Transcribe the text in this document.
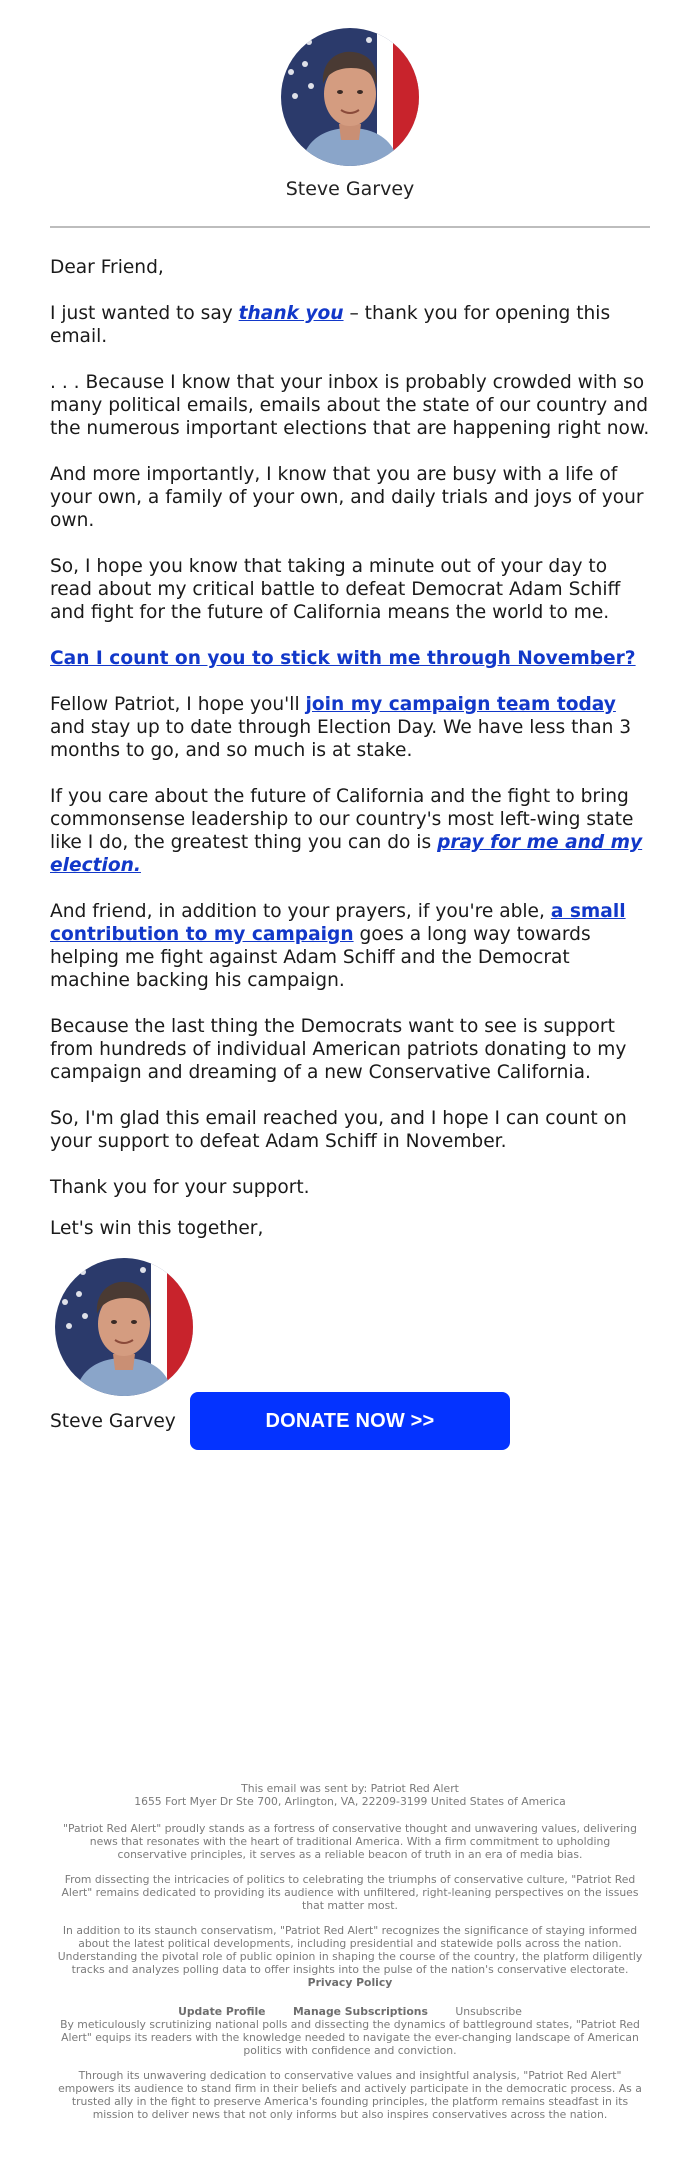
Steve Garvey

Dear Friend,

I just wanted to say thank you – thank you for opening this email.

. . . Because I know that your inbox is probably crowded with so many political emails, emails about the state of our country and the numerous important elections that are happening right now.

And more importantly, I know that you are busy with a life of your own, a family of your own, and daily trials and joys of your own.

So, I hope you know that taking a minute out of your day to read about my critical battle to defeat Democrat Adam Schiff and fight for the future of California means the world to me.

Can I count on you to stick with me through November?

Fellow Patriot, I hope you'll join my campaign team today and stay up to date through Election Day. We have less than 3 months to go, and so much is at stake.

If you care about the future of California and the fight to bring commonsense leadership to our country's most left-wing state like I do, the greatest thing you can do is pray for me and my election.

And friend, in addition to your prayers, if you're able, a small contribution to my campaign goes a long way towards helping me fight against Adam Schiff and the Democrat machine backing his campaign.

Because the last thing the Democrats want to see is support from hundreds of individual American patriots donating to my campaign and dreaming of a new Conservative California.

So, I'm glad this email reached you, and I hope I can count on your support to defeat Adam Schiff in November.

Thank you for your support.

Let's win this together,

Steve Garvey	DONATE NOW >>

This email was sent by: Patriot Red Alert
1655 Fort Myer Dr Ste 700, Arlington, VA, 22209-3199 United States of America

"Patriot Red Alert" proudly stands as a fortress of conservative thought and unwavering values, delivering news that resonates with the heart of traditional America. With a firm commitment to upholding conservative principles, it serves as a reliable beacon of truth in an era of media bias.

From dissecting the intricacies of politics to celebrating the triumphs of conservative culture, "Patriot Red Alert" remains dedicated to providing its audience with unfiltered, right-leaning perspectives on the issues that matter most.

In addition to its staunch conservatism, "Patriot Red Alert" recognizes the significance of staying informed about the latest political developments, including presidential and statewide polls across the nation. Understanding the pivotal role of public opinion in shaping the course of the country, the platform diligently tracks and analyzes polling data to offer insights into the pulse of the nation's conservative electorate.

Privacy Policy

Update Profile	Manage Subscriptions	Unsubscribe

By meticulously scrutinizing national polls and dissecting the dynamics of battleground states, "Patriot Red Alert" equips its readers with the knowledge needed to navigate the ever-changing landscape of American politics with confidence and conviction.

Through its unwavering dedication to conservative values and insightful analysis, "Patriot Red Alert" empowers its audience to stand firm in their beliefs and actively participate in the democratic process. As a trusted ally in the fight to preserve America's founding principles, the platform remains steadfast in its mission to deliver news that not only informs but also inspires conservatives across the nation.
